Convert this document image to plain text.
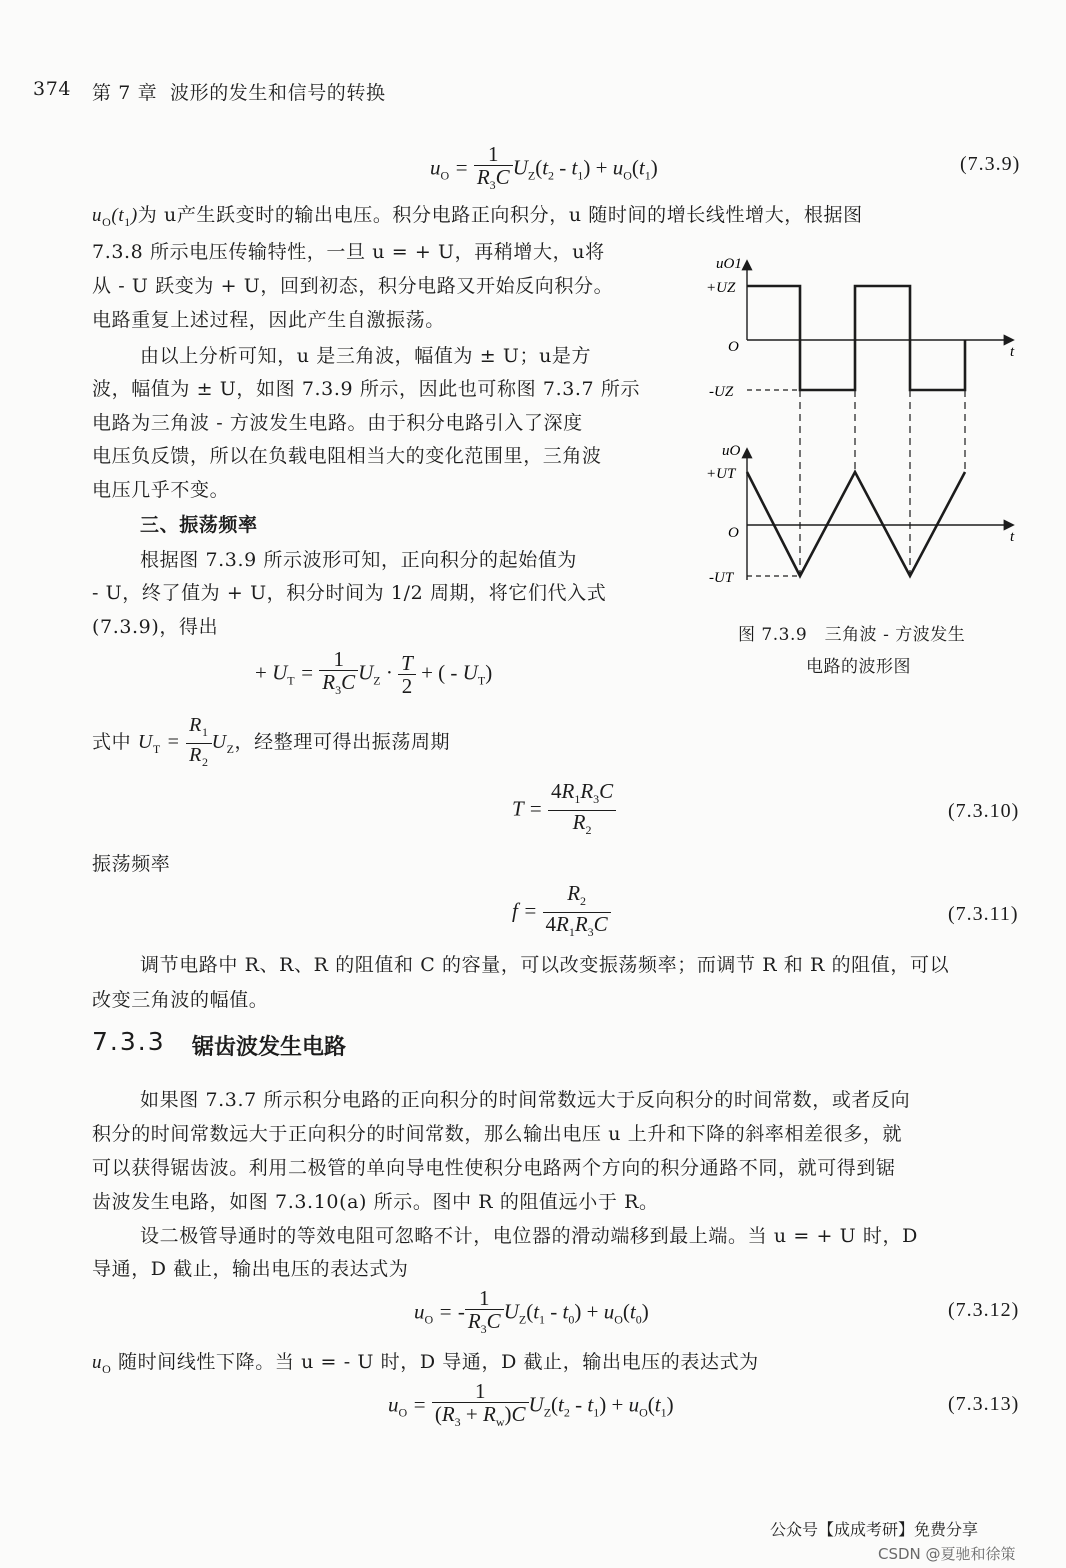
374 第 7 章 波形的发生和信号的转换
$u_O = \frac{1}{R_3C} U_Z(t_2 - t_1) + u_O(t_1)$	(7.3.9)
$u_O(t_1)$为 u产生跃变时的输出电压。积分电路正向积分，u 随时间的增长线性增大，根据图
7.3.8 所示电压传输特性，一旦 u = + U，再稍增大，u将
从 - U 跃变为 + U，回到初态，积分电路又开始反向积分。
电路重复上述过程，因此产生自激振荡。
由以上分析可知，u 是三角波，幅值为 ± U；u是方
波，幅值为 ± U，如图 7.3.9 所示，因此也可称图 7.3.7 所示
电路为三角波 - 方波发生电路。由于积分电路引入了深度
电压负反馈，所以在负载电阻相当大的变化范围里，三角波
电压几乎不变。
三、振荡频率
根据图 7.3.9 所示波形可知，正向积分的起始值为
- U，终了值为 + U，积分时间为 1/2 周期，将它们代入式
(7.3.9)，得出
+ $U_T = \frac{1}{R_3C} U_Z \cdot \frac{T}{2}$ + ( - $U_T$)
式中 $U_T = \frac{R_1}{R_2} U_Z$，经整理可得出振荡周期
$T = \frac{4R_1R_3C}{R_2}$	(7.3.10)
振荡频率
$f = \frac{R_2}{4R_1R_3C}$	(7.3.11)
调节电路中 R、R、R 的阻值和 C 的容量，可以改变振荡频率；而调节 R 和 R 的阻值，可以
改变三角波的幅值。
7.3.3 锯齿波发生电路
如果图 7.3.7 所示积分电路的正向积分的时间常数远大于反向积分的时间常数，或者反向
积分的时间常数远大于正向积分的时间常数，那么输出电压 u 上升和下降的斜率相差很多，就
可以获得锯齿波。利用二极管的单向导电性使积分电路两个方向的积分通路不同，就可得到锯
齿波发生电路，如图 7.3.10(a) 所示。图中 R 的阻值远小于 R。
设二极管导通时的等效电阻可忽略不计，电位器的滑动端移到最上端。当 u = + U 时，D
导通，D 截止，输出电压的表达式为
$u_O$ = - $\frac{1}{R_3C} U_Z(t_1 - t_0) + u_O(t_0)$	(7.3.12)
$u_O$ 随时间线性下降。当 u = - U 时，D 导通，D 截止，输出电压的表达式为
$u_O = \frac{1}{(R_3 + R_w)C} U_Z(t_2 - t_1) + u_O(t_1)$	(7.3.13)
uO1
+UZ
O
-UZ
t
uO
+UT
O
-UT
t
图 7.3.9　三角波 - 方波发生
电路的波形图
公众号【成成考研】免费分享
CSDN @夏驰和徐策
